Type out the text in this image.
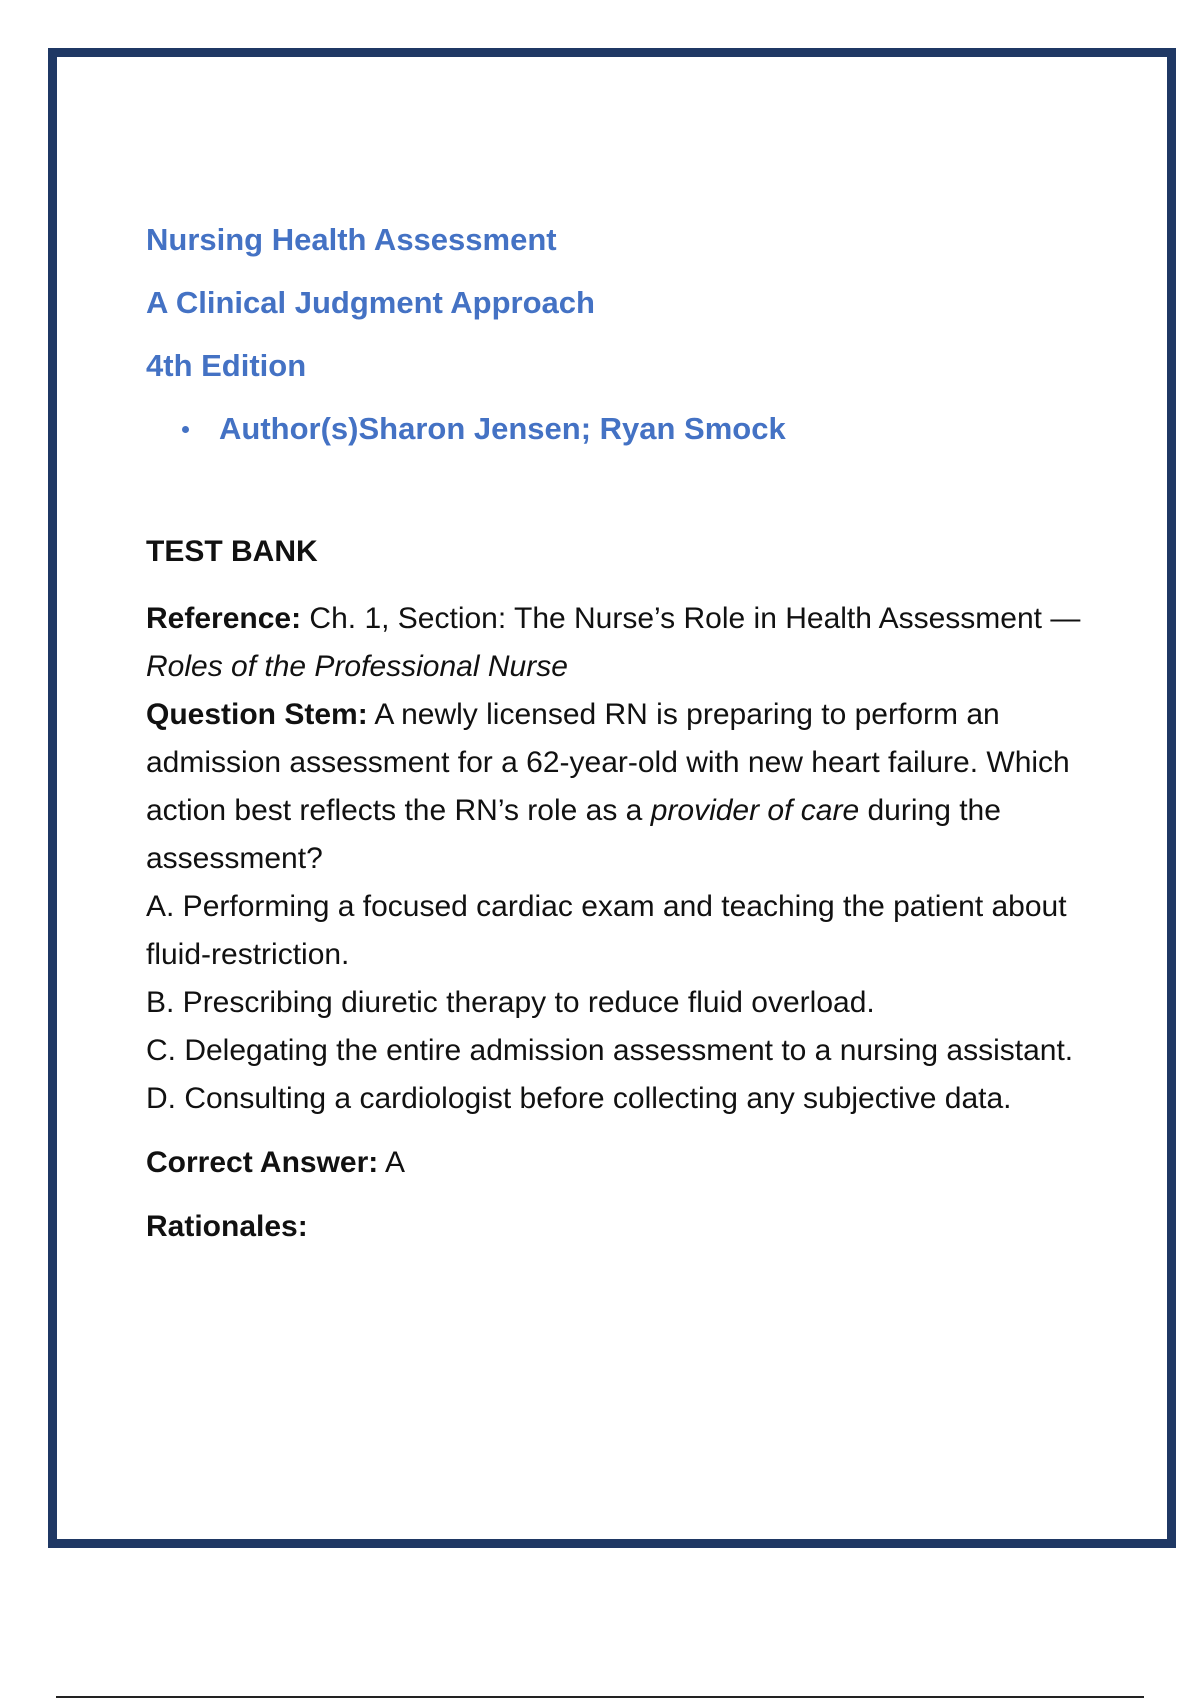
Nursing Health Assessment
A Clinical Judgment Approach
4th Edition
Author(s)Sharon Jensen; Ryan Smock
TEST BANK

Reference: Ch. 1, Section: The Nurse’s Role in Health Assessment — Roles of the Professional Nurse

Question Stem: A newly licensed RN is preparing to perform an admission assessment for a 62-year-old with new heart failure. Which action best reflects the RN’s role as a provider of care during the assessment?

A. Performing a focused cardiac exam and teaching the patient about fluid-restriction.

B. Prescribing diuretic therapy to reduce fluid overload.

C. Delegating the entire admission assessment to a nursing assistant.

D. Consulting a cardiologist before collecting any subjective data.

Correct Answer: A

Rationales:
